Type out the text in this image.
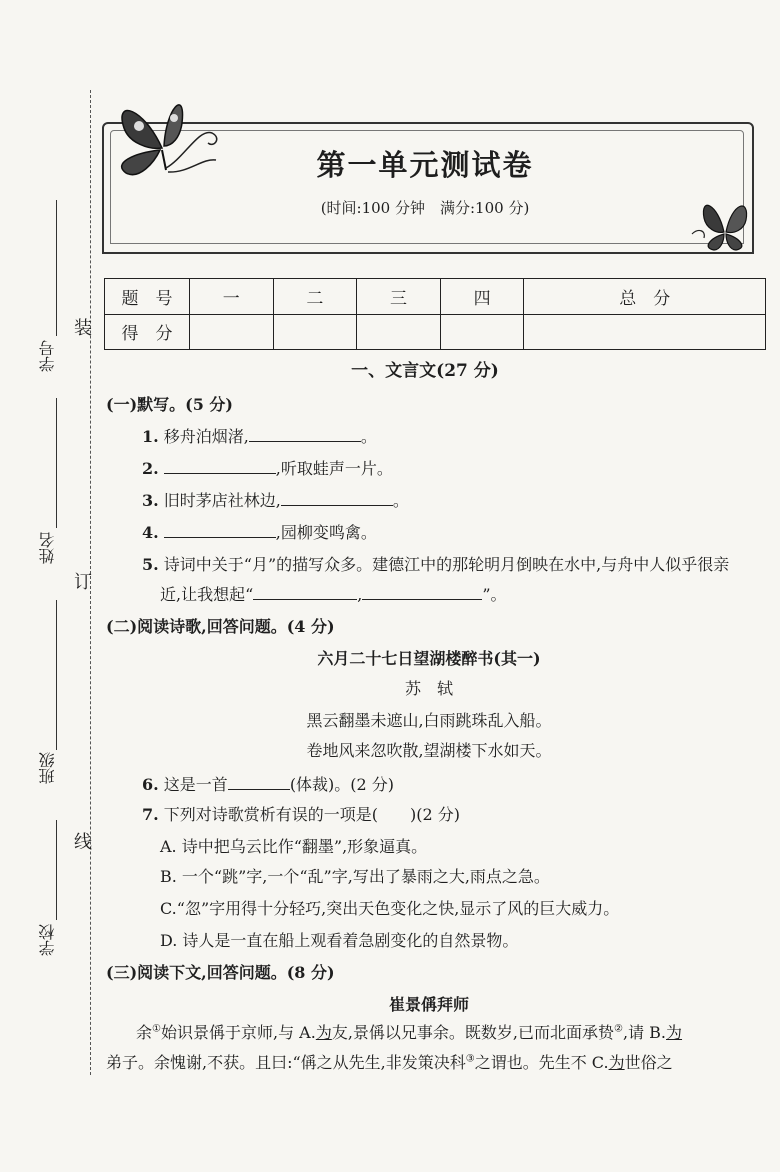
装
订
线
学号
姓名
班级
学校
第一单元测试卷
(时间:100 分钟　满分:100 分)
题　号	一	二	三	四	总　分
得　分					
一、文言文(27 分)
(一)默写。(5 分)
1. 移舟泊烟渚,	。
2.	,听取蛙声一片。
3. 旧时茅店社林边,	。
4.	,园柳变鸣禽。
5. 诗词中关于“月”的描写众多。建德江中的那轮明月倒映在水中,与舟中人似乎很亲
近,让我想起“	,	”。
(二)阅读诗歌,回答问题。(4 分)
六月二十七日望湖楼醉书(其一)
苏　轼
黑云翻墨未遮山,白雨跳珠乱入船。
卷地风来忽吹散,望湖楼下水如天。
6. 这是一首	(体裁)。(2 分)
7. 下列对诗歌赏析有误的一项是(　　)(2 分)
A. 诗中把乌云比作“翻墨”,形象逼真。
B. 一个“跳”字,一个“乱”字,写出了暴雨之大,雨点之急。
C.“忽”字用得十分轻巧,突出天色变化之快,显示了风的巨大威力。
D. 诗人是一直在船上观看着急剧变化的自然景物。
(三)阅读下文,回答问题。(8 分)
崔景偁拜师
余①始识景偁于京师,与 A.为友,景偁以兄事余。既数岁,已而北面承贽②,请 B.为
弟子。余愧谢,不获。且曰:“偁之从先生,非发策决科③之谓也。先生不 C.为世俗之
